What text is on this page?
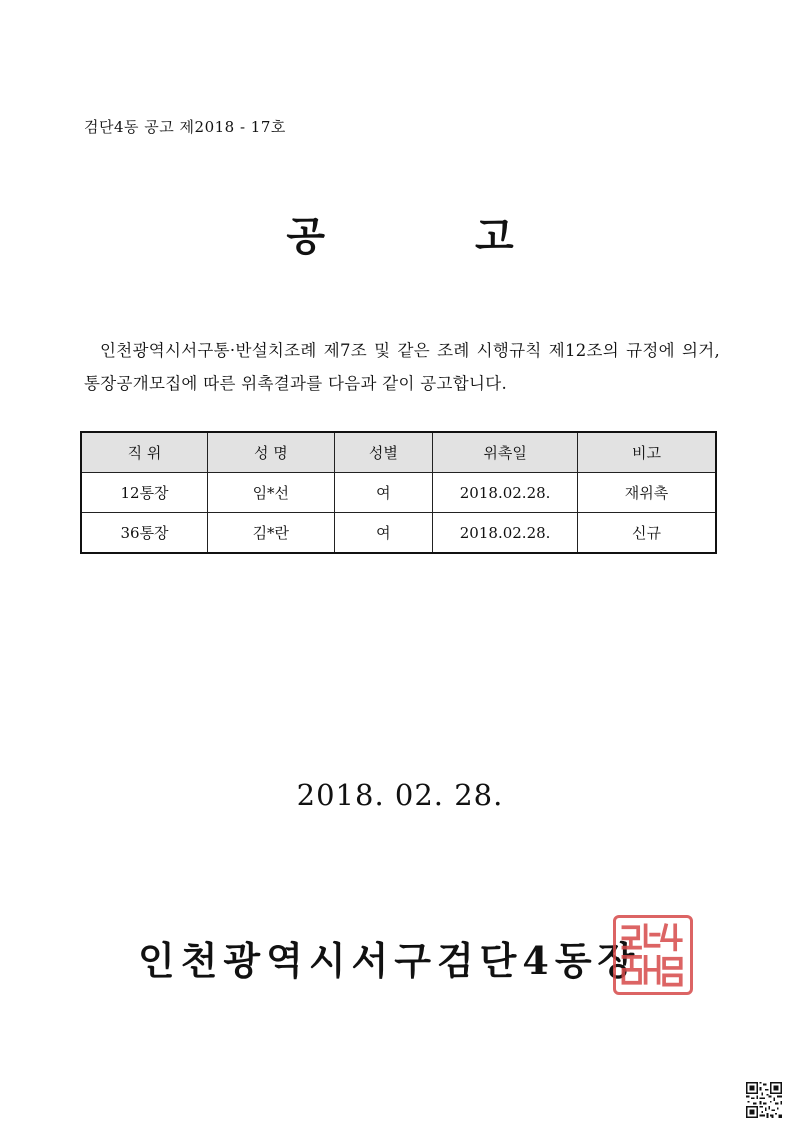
검단4동 공고 제2018 - 17호
공	고
인천광역시서구통·반설치조례 제7조 및 같은 조례 시행규칙 제12조의 규정에 의거, 통장공개모집에 따른 위촉결과를 다음과 같이 공고합니다.
직 위	성 명	성별	위촉일	비고
12통장	임*선	여	2018.02.28.	재위촉
36통장	김*란	여	2018.02.28.	신규
2018. 02. 28.
인천광역시서구검단4동장
